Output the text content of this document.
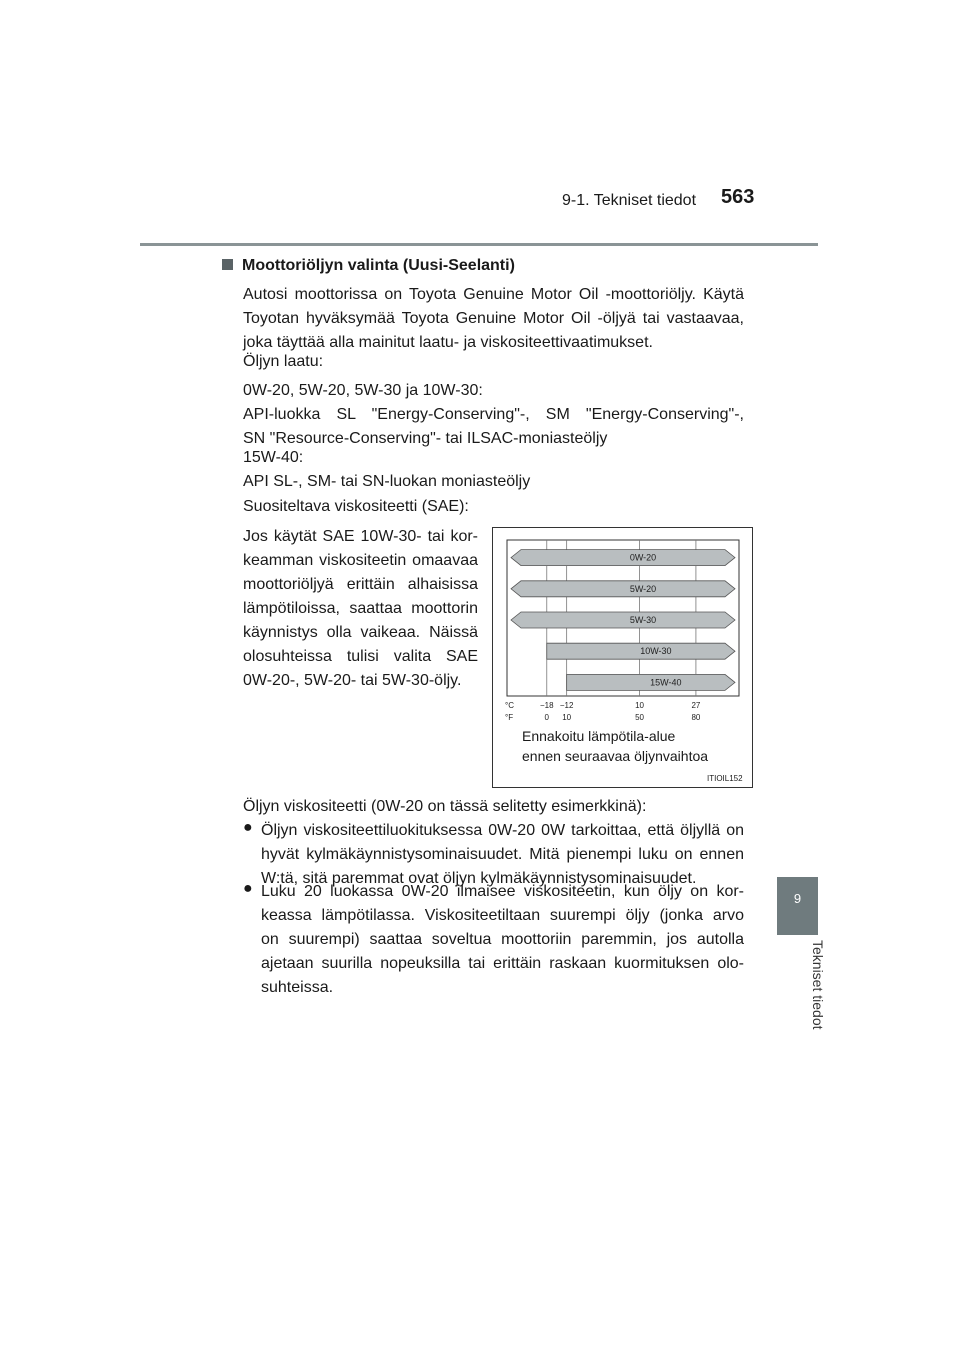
9-1. Tekniset tiedot 563
9
Tekniset tiedot
Moottoriöljyn valinta (Uusi-Seelanti)

Autosi moottorissa on Toyota Genuine Motor Oil -moottoriöljy. Käytä

Toyotan hyväksymää Toyota Genuine Motor Oil -öljyä tai vastaavaa,

joka täyttää alla mainitut laatu- ja viskositeettivaatimukset.

Öljyn laatu:

0W-20, 5W-20, 5W-30 ja 10W-30:

API-luokka SL "Energy-Conserving"-, SM "Energy-Conserving"-,

SN "Resource-Conserving"- tai ILSAC-moniasteöljy

15W-40:

API SL-, SM- tai SN-luokan moniasteöljy

Suositeltava viskositeetti (SAE):

Jos käytät SAE 10W-30- tai kor-

keamman viskositeetin omaavaa

moottoriöljyä erittäin alhaisissa

lämpötiloissa, saattaa moottorin

käynnistys olla vaikeaa. Näissä

olosuhteissa tulisi valita SAE

0W-20-, 5W-20- tai 5W-30-öljy.

0W-20
5W-20
5W-30
10W-30
15W-40
°C
°F
−18
0
−12
10
10
50
27
80

Ennakoitu lämpötila-alue

ennen seuraavaa öljynvaihtoa

ITIOIL152
Öljyn viskositeetti (0W-20 on tässä selitetty esimerkkinä):
● Öljyn viskositeettiluokituksessa 0W-20 0W tarkoittaa, että öljyllä on

hyvät kylmäkäynnistysominaisuudet. Mitä pienempi luku on ennen

W:tä, sitä paremmat ovat öljyn kylmäkäynnistysominaisuudet.

● Luku 20 luokassa 0W-20 ilmaisee viskositeetin, kun öljy on kor-

keassa lämpötilassa. Viskositeetiltaan suurempi öljy (jonka arvo

on suurempi) saattaa soveltua moottoriin paremmin, jos autolla

ajetaan suurilla nopeuksilla tai erittäin raskaan kuormituksen olo-

suhteissa.
